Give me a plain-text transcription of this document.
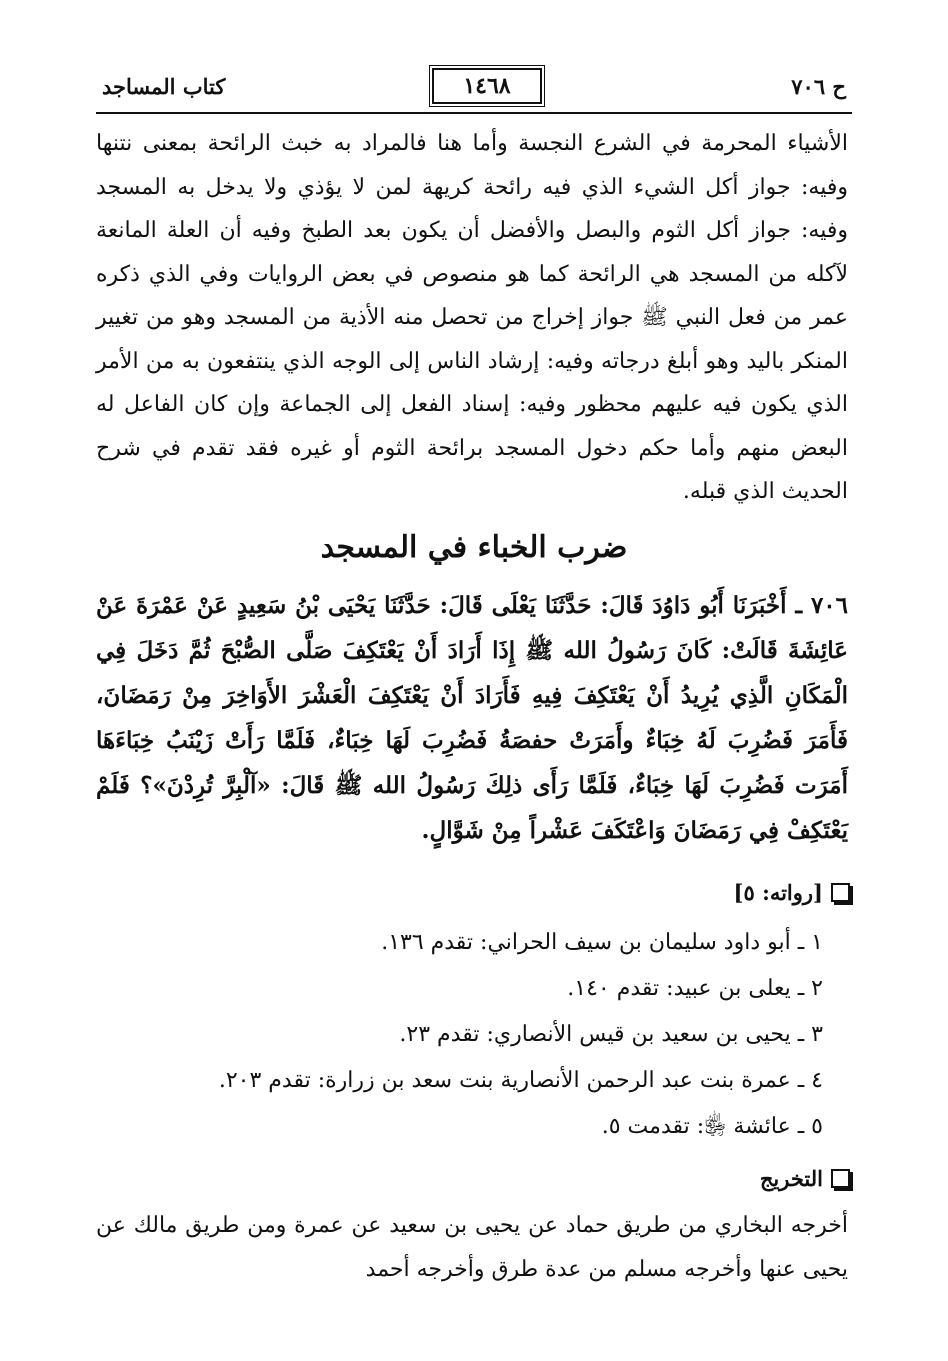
ح ٧٠٦
١٤٦٨
كتاب المساجد
الأشياء المحرمة في الشرع النجسة وأما هنا فالمراد به خبث الرائحة بمعنى نتنها وفيه: جواز أكل الشيء الذي فيه رائحة كريهة لمن لا يؤذي ولا يدخل به المسجد وفيه: جواز أكل الثوم والبصل والأفضل أن يكون بعد الطبخ وفيه أن العلة المانعة لآكله من المسجد هي الرائحة كما هو منصوص في بعض الروايات وفي الذي ذكره عمر من فعل النبي ﷺ جواز إخراج من تحصل منه الأذية من المسجد وهو من تغيير المنكر باليد وهو أبلغ درجاته وفيه: إرشاد الناس إلى الوجه الذي ينتفعون به من الأمر الذي يكون فيه عليهم محظور وفيه: إسناد الفعل إلى الجماعة وإن كان الفاعل له البعض منهم وأما حكم دخول المسجد برائحة الثوم أو غيره فقد تقدم في شرح الحديث الذي قبله.
ضرب الخباء في المسجد
٧٠٦ ـ أَخْبَرَنَا أَبُو دَاوُدَ قَالَ: حَدَّثَنَا يَعْلَى قَالَ: حَدَّثَنَا يَحْيَى بْنُ سَعِيدٍ عَنْ عَمْرَةَ عَنْ عَائِشَةَ قَالَتْ: كَانَ رَسُولُ الله ﷺ إِذَا أَرَادَ أَنْ يَعْتَكِفَ صَلَّى الصُّبْحَ ثُمَّ دَخَلَ فِي الْمَكَانِ الَّذِي يُرِيدُ أَنْ يَعْتَكِفَ فِيهِ فَأَرَادَ أَنْ يَعْتَكِفَ الْعَشْرَ الأَوَاخِرَ مِنْ رَمَضَانَ، فَأَمَرَ فَضُرِبَ لَهُ خِبَاءٌ وأَمَرَتْ حفصَةُ فَضُرِبَ لَهَا خِبَاءٌ، فَلَمَّا رَأَتْ زَيْنَبُ خِبَاءَهَا أَمَرَت فَضُرِبَ لَهَا خِبَاءٌ، فَلَمَّا رَأَى ذلِكَ رَسُولُ الله ﷺ قَالَ: «آلْبِرَّ تُرِدْنَ»؟ فَلَمْ يَعْتَكِفْ فِي رَمَضَانَ وَاعْتَكَفَ عَشْراً مِنْ شَوَّالٍ.
[رواته: ٥]
١ ـ أبو داود سليمان بن سيف الحراني: تقدم ١٣٦.
٢ ـ يعلى بن عبيد: تقدم ١٤٠.
٣ ـ يحيى بن سعيد بن قيس الأنصاري: تقدم ٢٣.
٤ ـ عمرة بنت عبد الرحمن الأنصارية بنت سعد بن زرارة: تقدم ٢٠٣.
٥ ـ عائشة ﵂: تقدمت ٥.
التخريج
أخرجه البخاري من طريق حماد عن يحيى بن سعيد عن عمرة ومن طريق مالك عن يحيى عنها وأخرجه مسلم من عدة طرق وأخرجه أحمد
